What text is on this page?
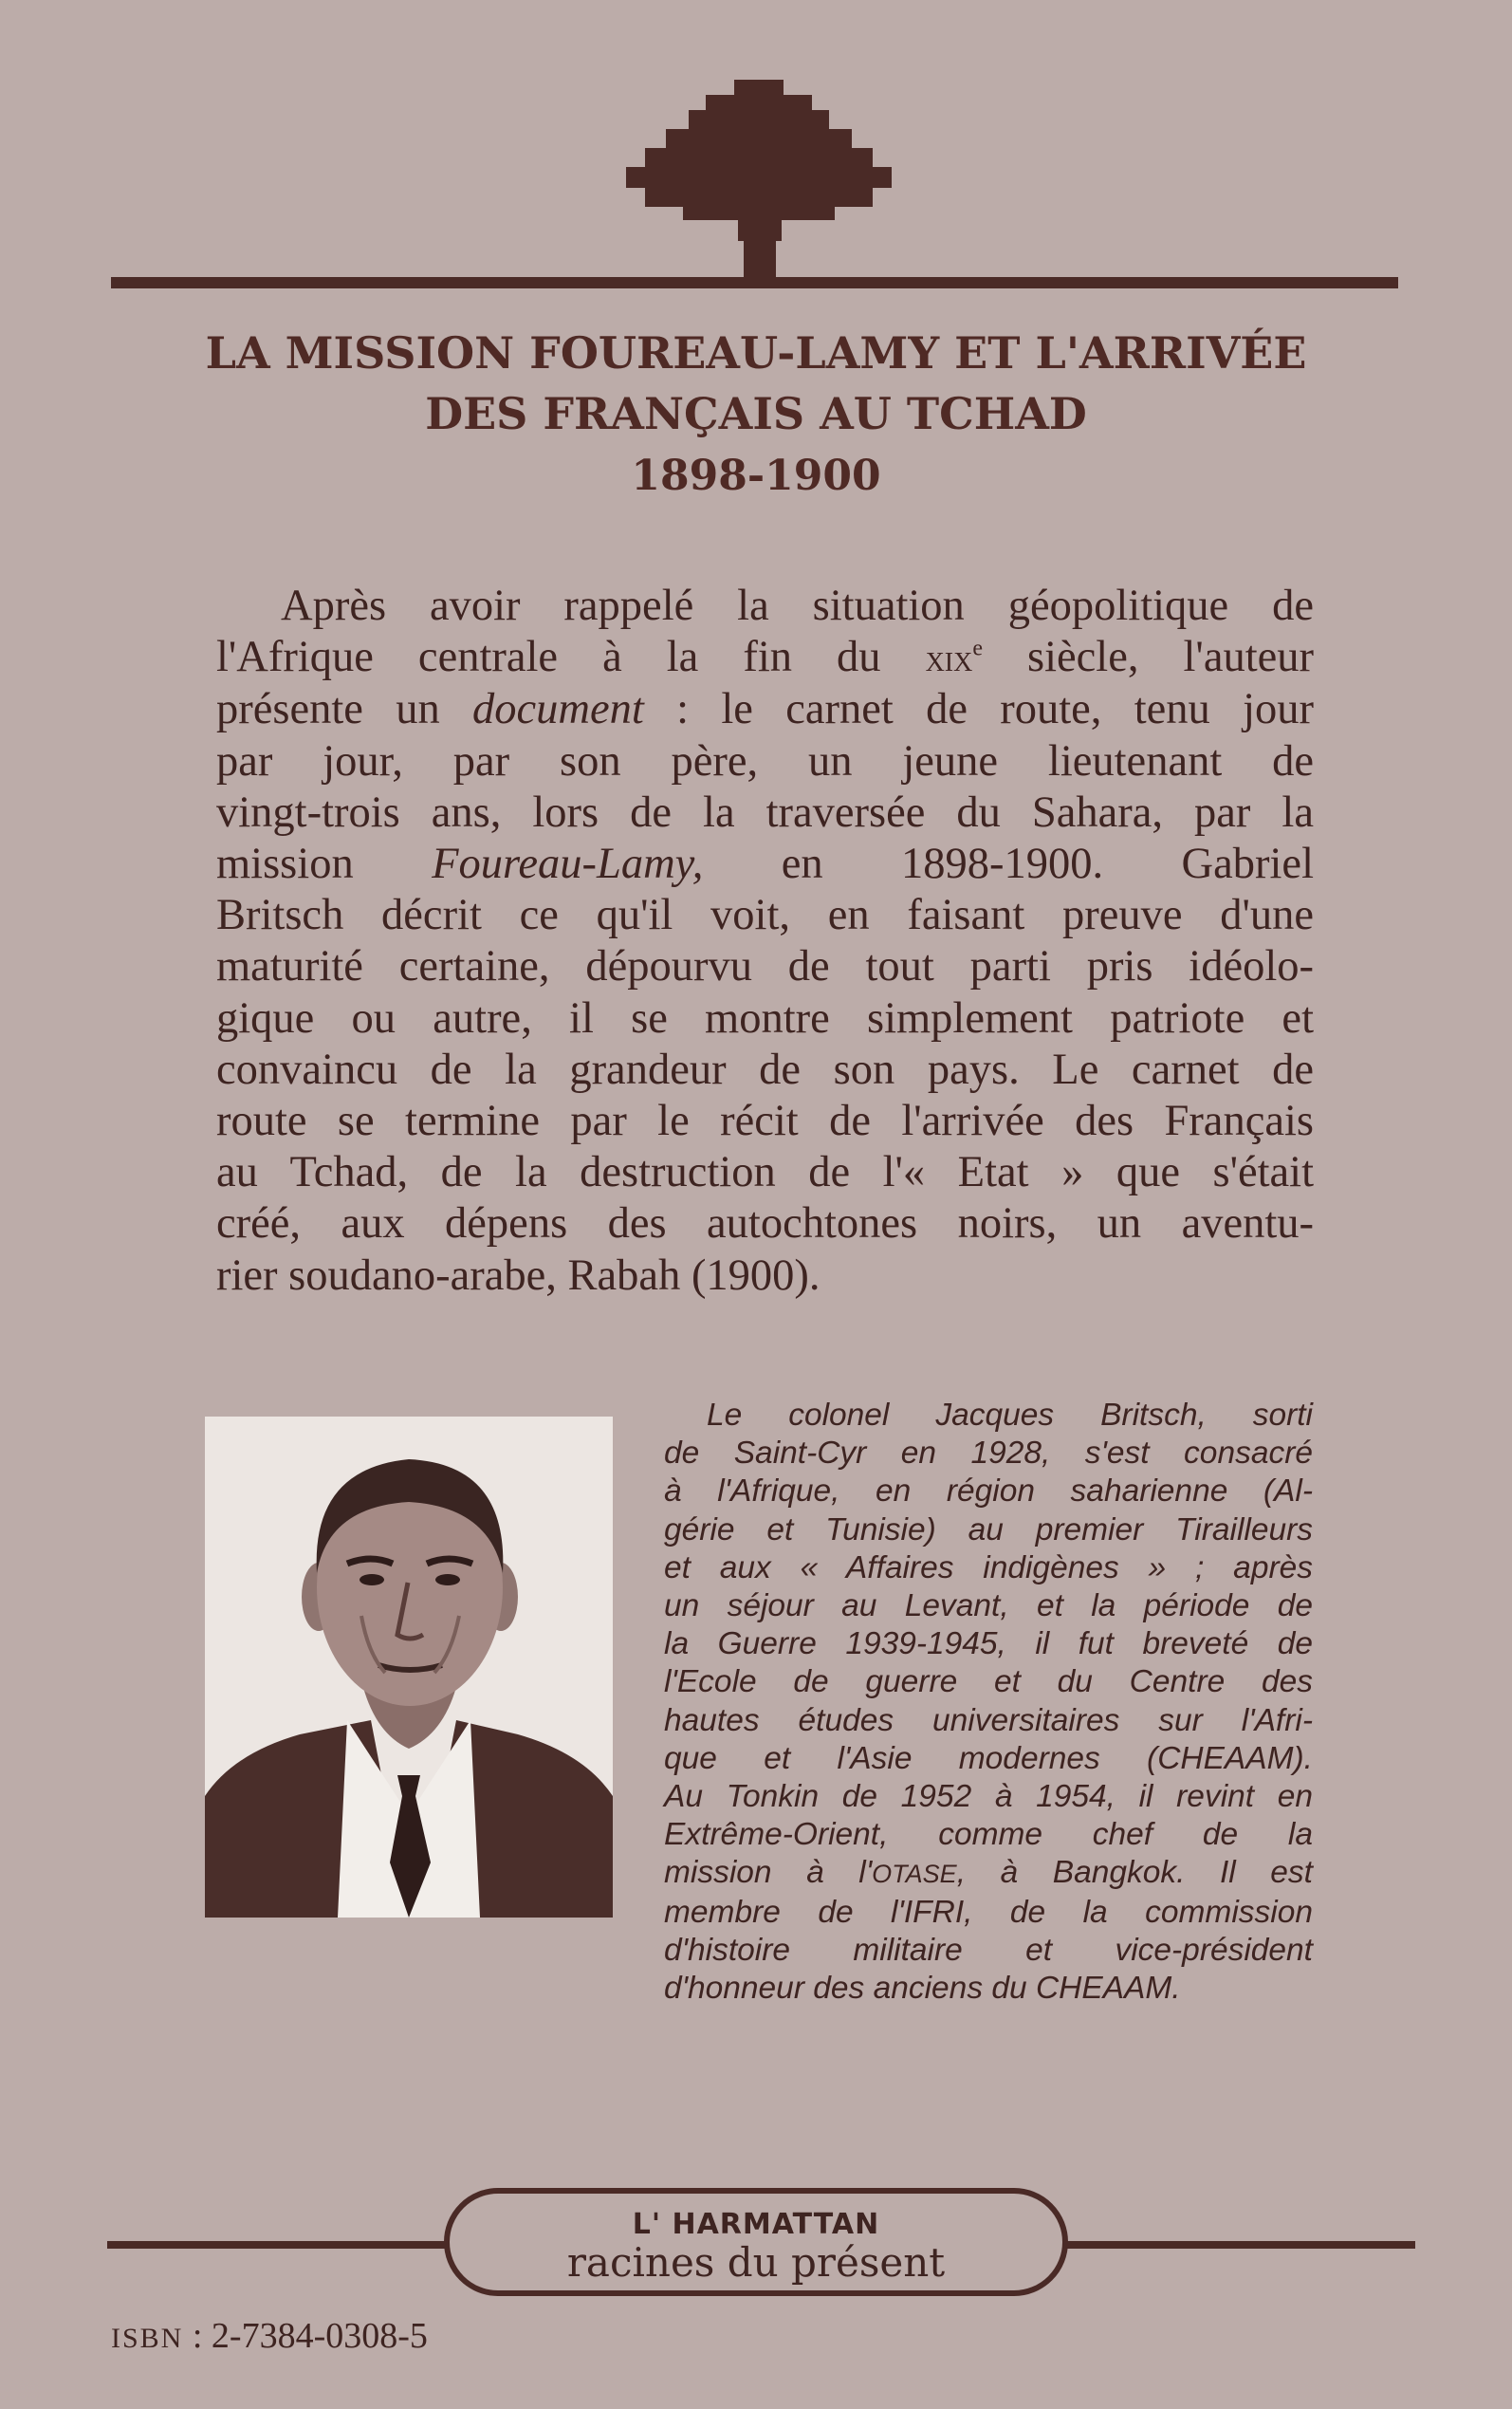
LA MISSION FOUREAU-LAMY ET L'ARRIVÉE
DES FRANÇAIS AU TCHAD
1898-1900
Après avoir rappelé la situation géopolitique de
l'Afrique centrale à la fin du xix$^e$ siècle, l'auteur
présente un document : le carnet de route, tenu jour
par jour, par son père, un jeune lieutenant de
vingt-trois ans, lors de la traversée du Sahara, par la
mission Foureau-Lamy, en 1898-1900. Gabriel
Britsch décrit ce qu'il voit, en faisant preuve d'une
maturité certaine, dépourvu de tout parti pris idéolo-
gique ou autre, il se montre simplement patriote et
convaincu de la grandeur de son pays. Le carnet de
route se termine par le récit de l'arrivée des Français
au Tchad, de la destruction de l'« Etat » que s'était
créé, aux dépens des autochtones noirs, un aventu-
rier soudano-arabe, Rabah (1900).
Le colonel Jacques Britsch, sorti
de Saint-Cyr en 1928, s'est consacré
à l'Afrique, en région saharienne (Al-
gérie et Tunisie) au premier Tirailleurs
et aux « Affaires indigènes » ; après
un séjour au Levant, et la période de
la Guerre 1939-1945, il fut breveté de
l'Ecole de guerre et du Centre des
hautes études universitaires sur l'Afri-
que et l'Asie modernes (CHEAAM).
Au Tonkin de 1952 à 1954, il revint en
Extrême-Orient, comme chef de la
mission à l'OTASE, à Bangkok. Il est
membre de l'IFRI, de la commission
d'histoire militaire et vice-président
d'honneur des anciens du CHEAAM.
L' HARMATTAN
racines du présent
ISBN : 2-7384-0308-5
